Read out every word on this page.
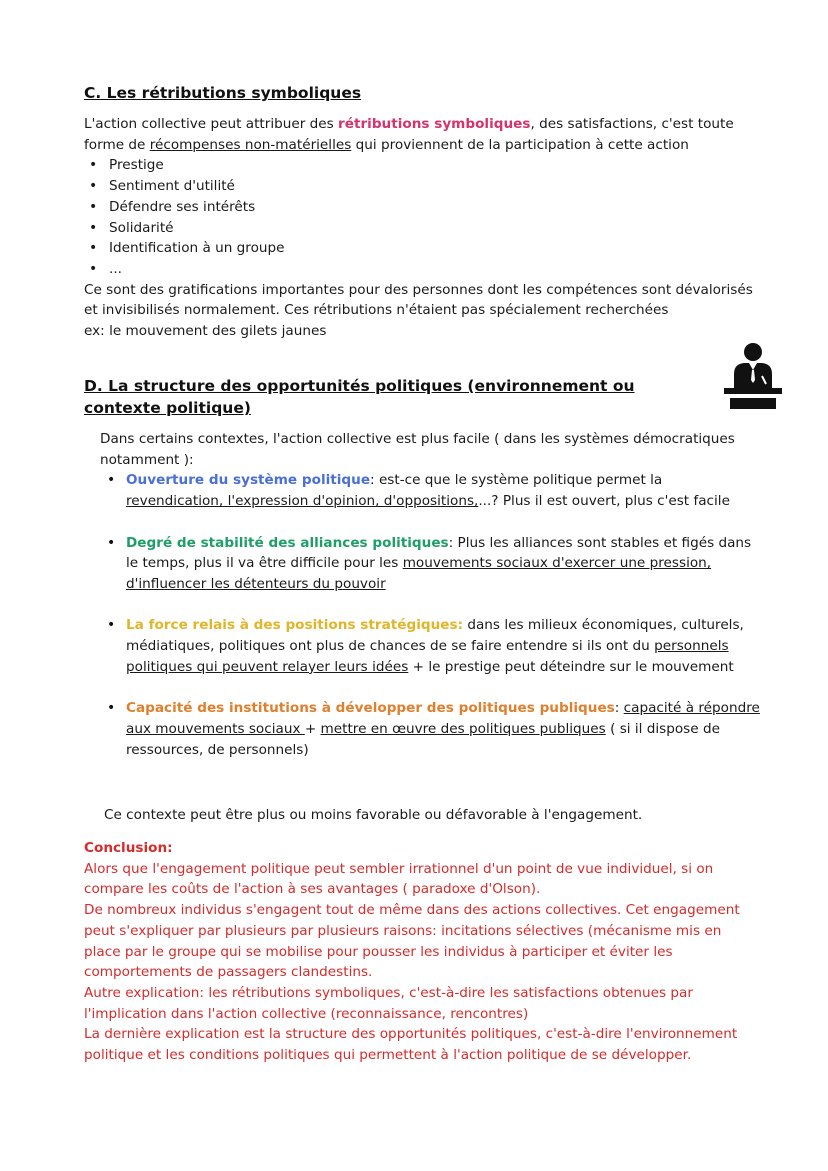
C. Les rétributions symboliques
L'action collective peut attribuer des rétributions symboliques, des satisfactions, c'est toute forme de récompenses non-matérielles qui proviennent de la participation à cette action
• Prestige
• Sentiment d'utilité
• Défendre ses intérêts
• Solidarité
• Identification à un groupe
• ...
Ce sont des gratifications importantes pour des personnes dont les compétences sont dévalorisés et invisibilisés normalement. Ces rétributions n'étaient pas spécialement recherchées
ex: le mouvement des gilets jaunes
D. La structure des opportunités politiques (environnement ou contexte politique)
Dans certains contextes, l'action collective est plus facile ( dans les systèmes démocratiques notamment ):
• Ouverture du système politique: est-ce que le système politique permet la revendication, l'expression d'opinion, d'oppositions,...? Plus il est ouvert, plus c'est facile
• Degré de stabilité des alliances politiques: Plus les alliances sont stables et figés dans le temps, plus il va être difficile pour les mouvements sociaux d'exercer une pression, d'influencer les détenteurs du pouvoir
• La force relais à des positions stratégiques: dans les milieux économiques, culturels, médiatiques, politiques ont plus de chances de se faire entendre si ils ont du personnels politiques qui peuvent relayer leurs idées + le prestige peut déteindre sur le mouvement
• Capacité des institutions à développer des politiques publiques: capacité à répondre aux mouvements sociaux + mettre en œuvre des politiques publiques ( si il dispose de ressources, de personnels)
Ce contexte peut être plus ou moins favorable ou défavorable à l'engagement.
Conclusion:
Alors que l'engagement politique peut sembler irrationnel d'un point de vue individuel, si on compare les coûts de l'action à ses avantages ( paradoxe d'Olson).
De nombreux individus s'engagent tout de même dans des actions collectives. Cet engagement peut s'expliquer par plusieurs par plusieurs raisons: incitations sélectives (mécanisme mis en place par le groupe qui se mobilise pour pousser les individus à participer et éviter les comportements de passagers clandestins.
Autre explication: les rétributions symboliques, c'est-à-dire les satisfactions obtenues par l'implication dans l'action collective (reconnaissance, rencontres)
La dernière explication est la structure des opportunités politiques, c'est-à-dire l'environnement politique et les conditions politiques qui permettent à l'action politique de se développer.
